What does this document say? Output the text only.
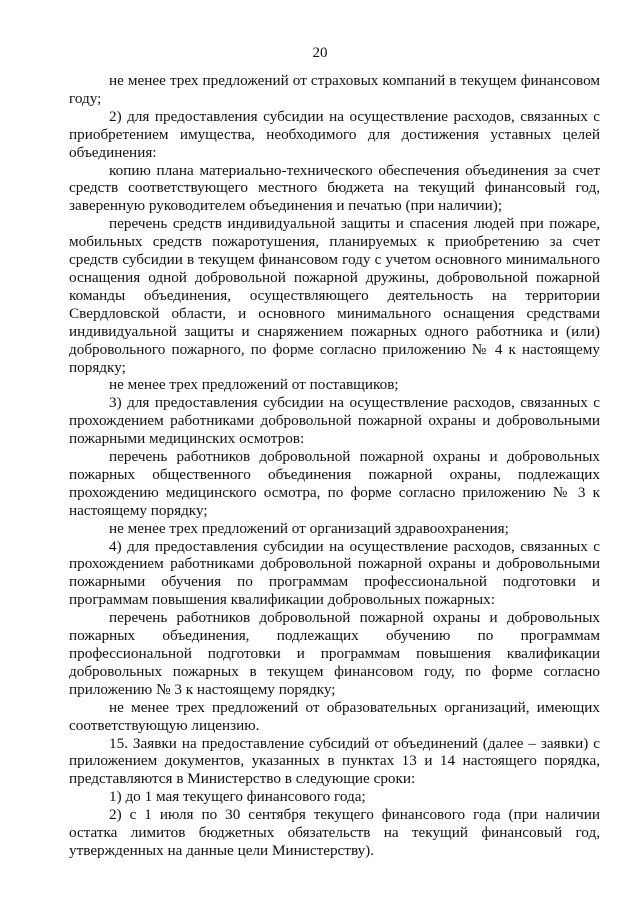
20

не менее трех предложений от страховых компаний в текущем финансовом году;

2) для предоставления субсидии на осуществление расходов, связанных с приобретением имущества, необходимого для достижения уставных целей объединения:

копию плана материально-технического обеспечения объединения за счет средств соответствующего местного бюджета на текущий финансовый год, заверенную руководителем объединения и печатью (при наличии);

перечень средств индивидуальной защиты и спасения людей при пожаре, мобильных средств пожаротушения, планируемых к приобретению за счет средств субсидии в текущем финансовом году с учетом основного минимального оснащения одной добровольной пожарной дружины, добровольной пожарной команды объединения, осуществляющего деятельность на территории Свердловской области, и основного минимального оснащения средствами индивидуальной защиты и снаряжением пожарных одного работника и (или) добровольного пожарного, по форме согласно приложению № 4 к настоящему порядку;

не менее трех предложений от поставщиков;

3) для предоставления субсидии на осуществление расходов, связанных с прохождением работниками добровольной пожарной охраны и добровольными пожарными медицинских осмотров:

перечень работников добровольной пожарной охраны и добровольных пожарных общественного объединения пожарной охраны, подлежащих прохождению медицинского осмотра, по форме согласно приложению № 3 к настоящему порядку;

не менее трех предложений от организаций здравоохранения;

4) для предоставления субсидии на осуществление расходов, связанных с прохождением работниками добровольной пожарной охраны и добровольными пожарными обучения по программам профессиональной подготовки и программам повышения квалификации добровольных пожарных:

перечень работников добровольной пожарной охраны и добровольных пожарных объединения, подлежащих обучению по программам профессиональной подготовки и программам повышения квалификации добровольных пожарных в текущем финансовом году, по форме согласно приложению № 3 к настоящему порядку;

не менее трех предложений от образовательных организаций, имеющих соответствующую лицензию.

15. Заявки на предоставление субсидий от объединений (далее – заявки) с приложением документов, указанных в пунктах 13 и 14 настоящего порядка, представляются в Министерство в следующие сроки:

1) до 1 мая текущего финансового года;

2) с 1 июля по 30 сентября текущего финансового года (при наличии остатка лимитов бюджетных обязательств на текущий финансовый год, утвержденных на данные цели Министерству).
